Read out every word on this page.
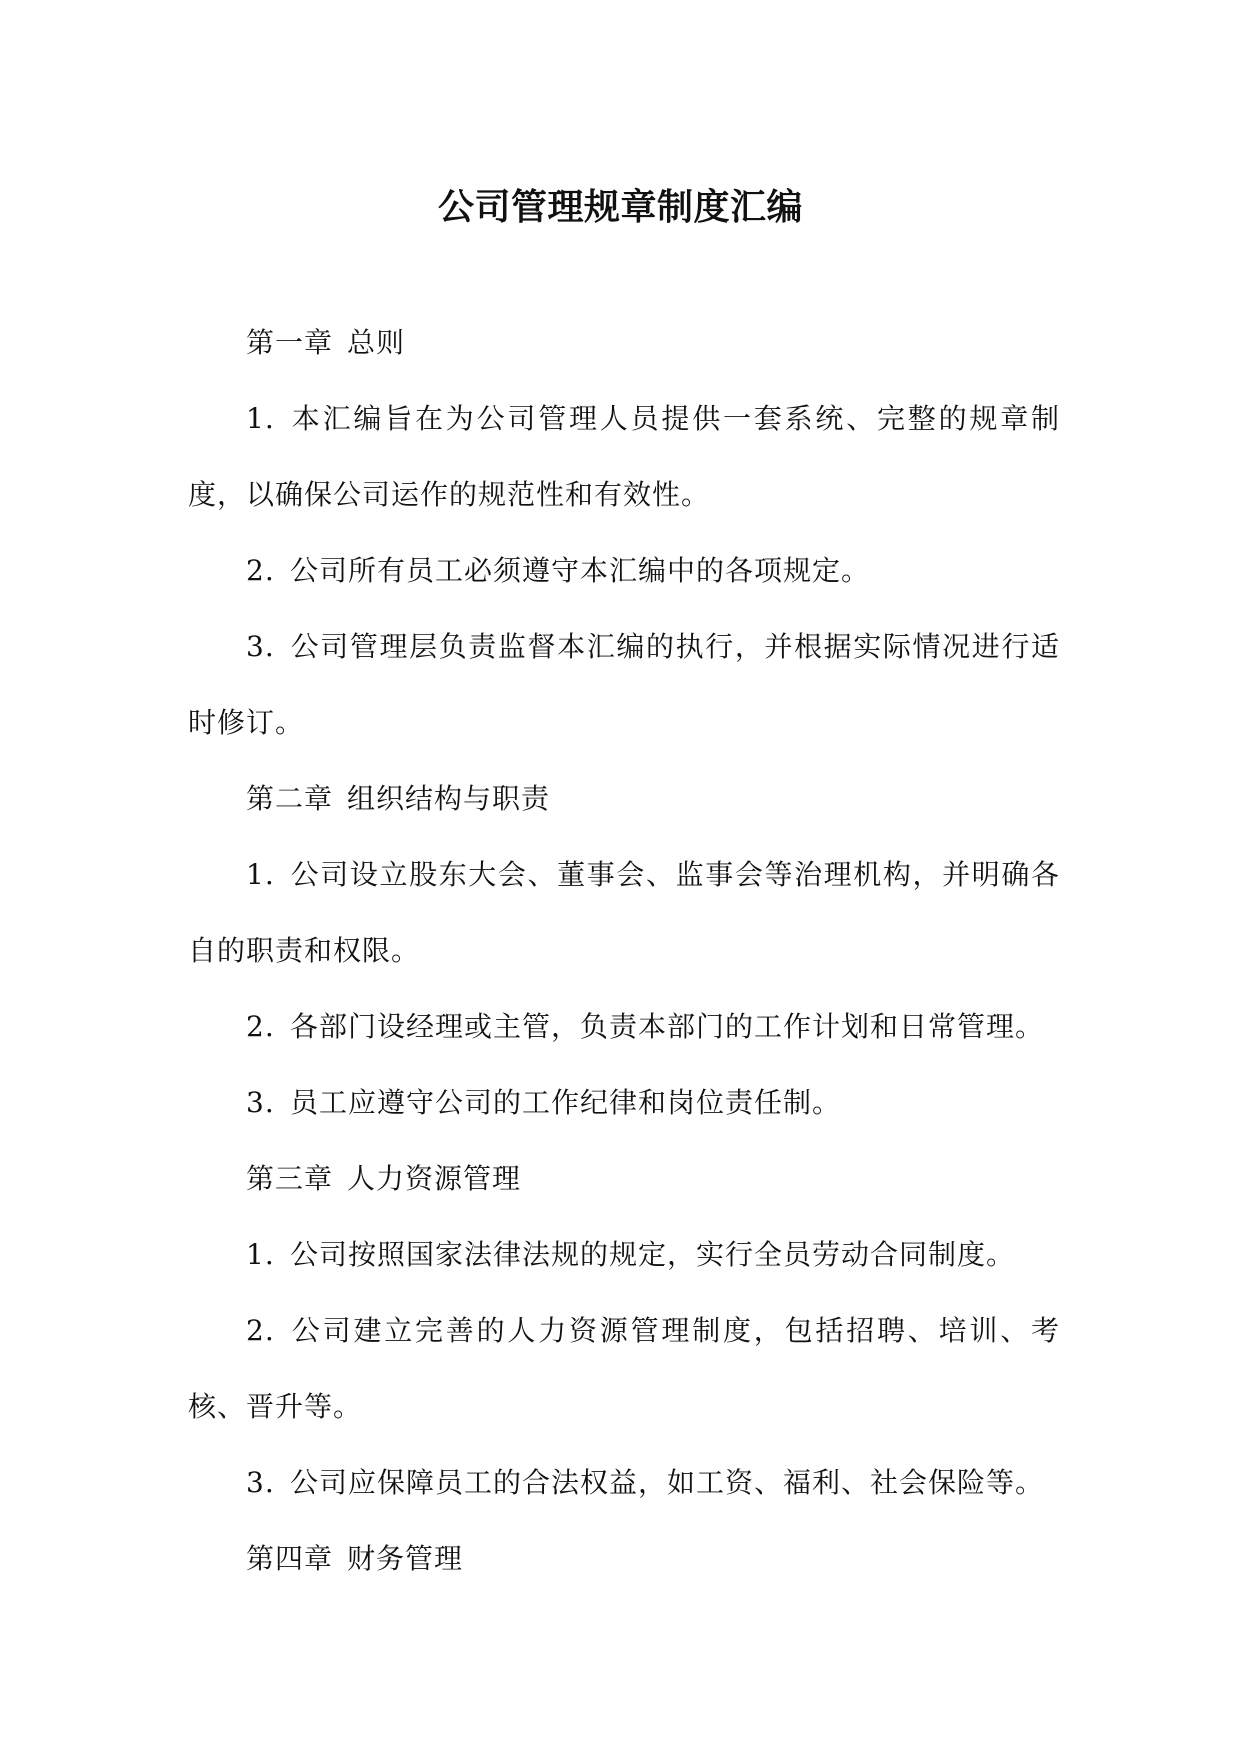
公司管理规章制度汇编

第一章 总则

1. 本汇编旨在为公司管理人员提供一套系统、完整的规章制度，以确保公司运作的规范性和有效性。

2. 公司所有员工必须遵守本汇编中的各项规定。

3. 公司管理层负责监督本汇编的执行，并根据实际情况进行适时修订。

第二章 组织结构与职责

1. 公司设立股东大会、董事会、监事会等治理机构，并明确各自的职责和权限。

2. 各部门设经理或主管，负责本部门的工作计划和日常管理。

3. 员工应遵守公司的工作纪律和岗位责任制。

第三章 人力资源管理

1. 公司按照国家法律法规的规定，实行全员劳动合同制度。

2. 公司建立完善的人力资源管理制度，包括招聘、培训、考核、晋升等。

3. 公司应保障员工的合法权益，如工资、福利、社会保险等。

第四章 财务管理
